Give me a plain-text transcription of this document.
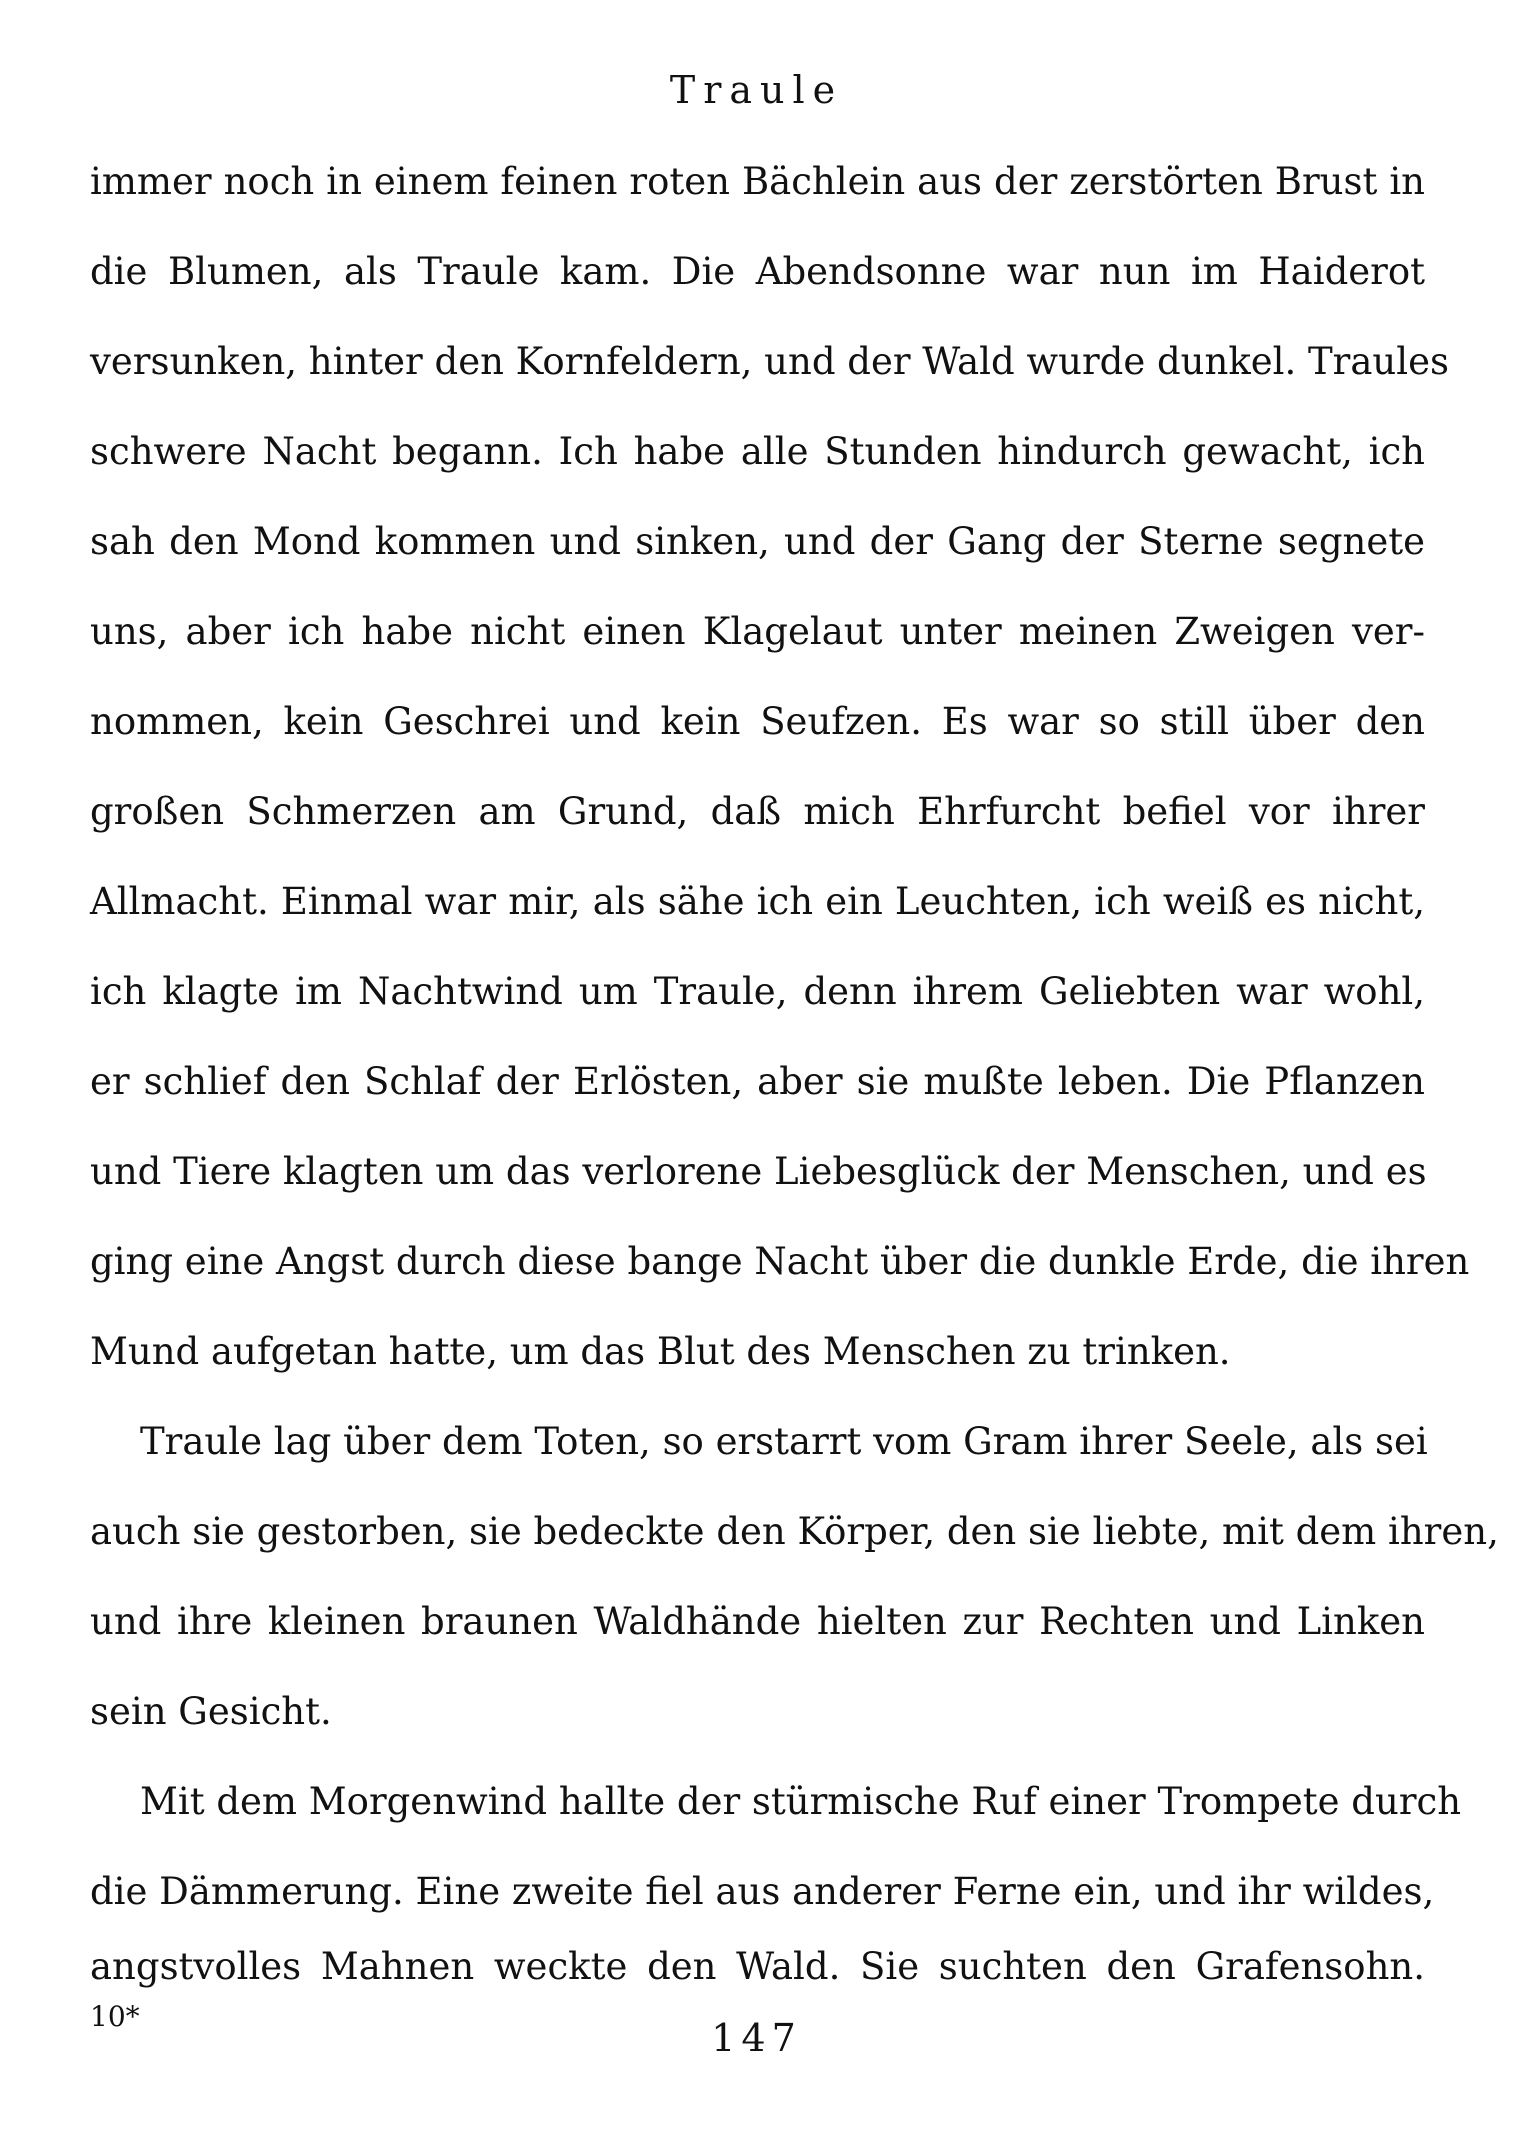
Traule
immer noch in einem feinen roten Bächlein aus der zerstörten Brust in
die Blumen, als Traule kam. Die Abendsonne war nun im Haiderot
versunken, hinter den Kornfeldern, und der Wald wurde dunkel. Traules
schwere Nacht begann. Ich habe alle Stunden hindurch gewacht, ich
sah den Mond kommen und sinken, und der Gang der Sterne segnete
uns, aber ich habe nicht einen Klagelaut unter meinen Zweigen ver-
nommen, kein Geschrei und kein Seufzen. Es war so still über den
großen Schmerzen am Grund, daß mich Ehrfurcht befiel vor ihrer
Allmacht. Einmal war mir, als sähe ich ein Leuchten, ich weiß es nicht,
ich klagte im Nachtwind um Traule, denn ihrem Geliebten war wohl,
er schlief den Schlaf der Erlösten, aber sie mußte leben. Die Pflanzen
und Tiere klagten um das verlorene Liebesglück der Menschen, und es
ging eine Angst durch diese bange Nacht über die dunkle Erde, die ihren
Mund aufgetan hatte, um das Blut des Menschen zu trinken.
Traule lag über dem Toten, so erstarrt vom Gram ihrer Seele, als sei
auch sie gestorben, sie bedeckte den Körper, den sie liebte, mit dem ihren,
und ihre kleinen braunen Waldhände hielten zur Rechten und Linken
sein Gesicht.
Mit dem Morgenwind hallte der stürmische Ruf einer Trompete durch
die Dämmerung. Eine zweite fiel aus anderer Ferne ein, und ihr wildes,
angstvolles Mahnen weckte den Wald. Sie suchten den Grafensohn.
10*	147
